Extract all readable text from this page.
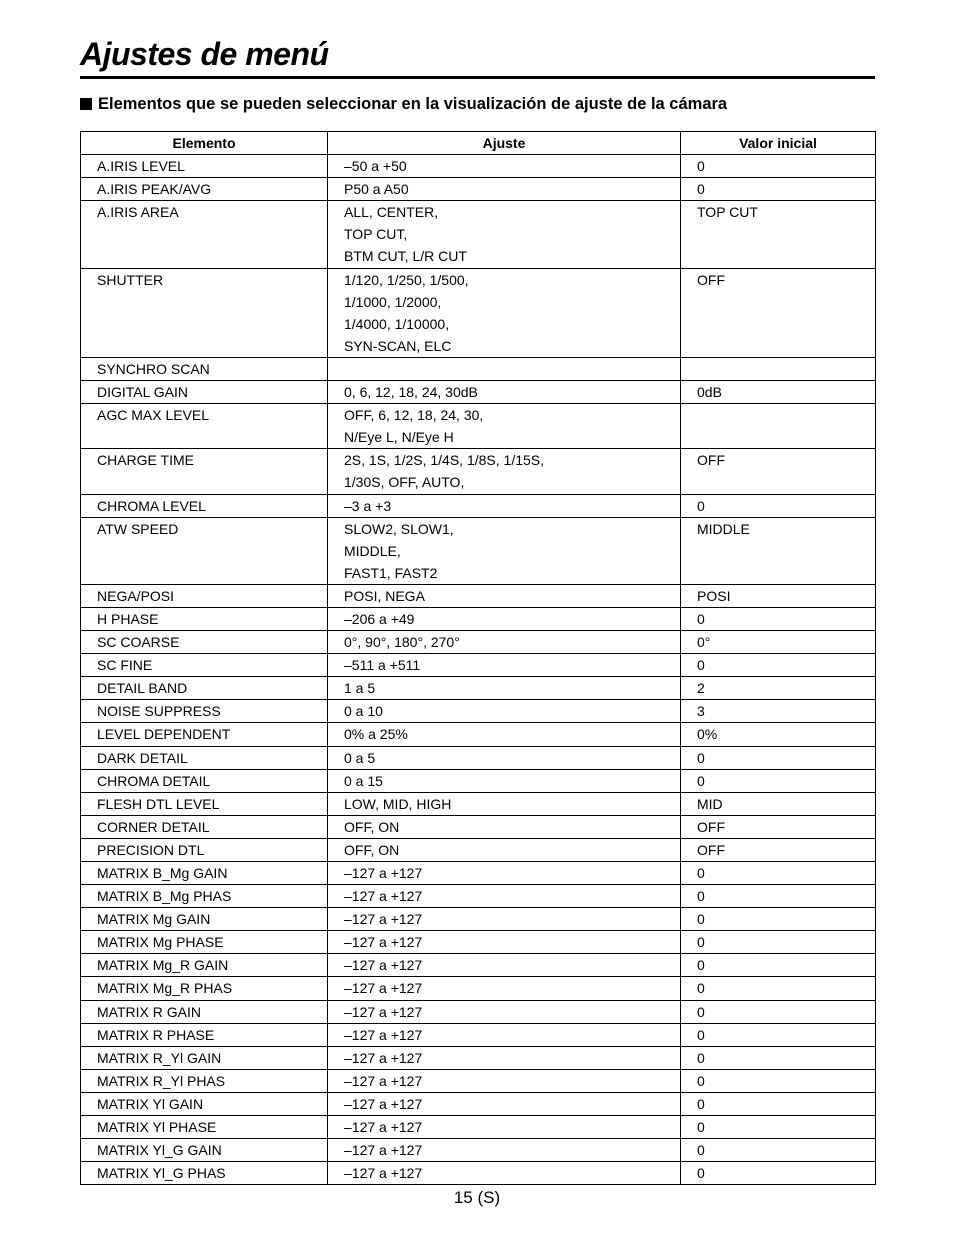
Ajustes de menú
Elementos que se pueden seleccionar en la visualización de ajuste de la cámara
Elemento	Ajuste	Valor inicial
A.IRIS LEVEL	–50 a +50	0
A.IRIS PEAK/AVG	P50 a A50	0
A.IRIS AREA	ALL, CENTER,
TOP CUT,
BTM CUT, L/R CUT	TOP CUT
SHUTTER	1/120, 1/250, 1/500,
1/1000, 1/2000,
1/4000, 1/10000,
SYN-SCAN, ELC	OFF
SYNCHRO SCAN	

DIGITAL GAIN	0, 6, 12, 18, 24, 30dB	0dB
AGC MAX LEVEL	OFF, 6, 12, 18, 24, 30,
N/Eye L, N/Eye H

CHARGE TIME	2S, 1S, 1/2S, 1/4S, 1/8S, 1/15S,
1/30S, OFF, AUTO,	OFF
CHROMA LEVEL	–3 a +3	0
ATW SPEED	SLOW2, SLOW1,
MIDDLE,
FAST1, FAST2	MIDDLE
NEGA/POSI	POSI, NEGA	POSI
H PHASE	–206 a +49	0
SC COARSE	0°, 90°, 180°, 270°	0°
SC FINE	–511 a +511	0
DETAIL BAND	1 a 5	2
NOISE SUPPRESS	0 a 10	3
LEVEL DEPENDENT	0% a 25%	0%
DARK DETAIL	0 a 5	0
CHROMA DETAIL	0 a 15	0
FLESH DTL LEVEL	LOW, MID, HIGH	MID
CORNER DETAIL	OFF, ON	OFF
PRECISION DTL	OFF, ON	OFF
MATRIX B_Mg GAIN	–127 a +127	0
MATRIX B_Mg PHAS	–127 a +127	0
MATRIX Mg GAIN	–127 a +127	0
MATRIX Mg PHASE	–127 a +127	0
MATRIX Mg_R GAIN	–127 a +127	0
MATRIX Mg_R PHAS	–127 a +127	0
MATRIX R GAIN	–127 a +127	0
MATRIX R PHASE	–127 a +127	0
MATRIX R_Yl GAIN	–127 a +127	0
MATRIX R_Yl PHAS	–127 a +127	0
MATRIX Yl GAIN	–127 a +127	0
MATRIX Yl PHASE	–127 a +127	0
MATRIX Yl_G GAIN	–127 a +127	0
MATRIX Yl_G PHAS	–127 a +127	0
15 (S)
